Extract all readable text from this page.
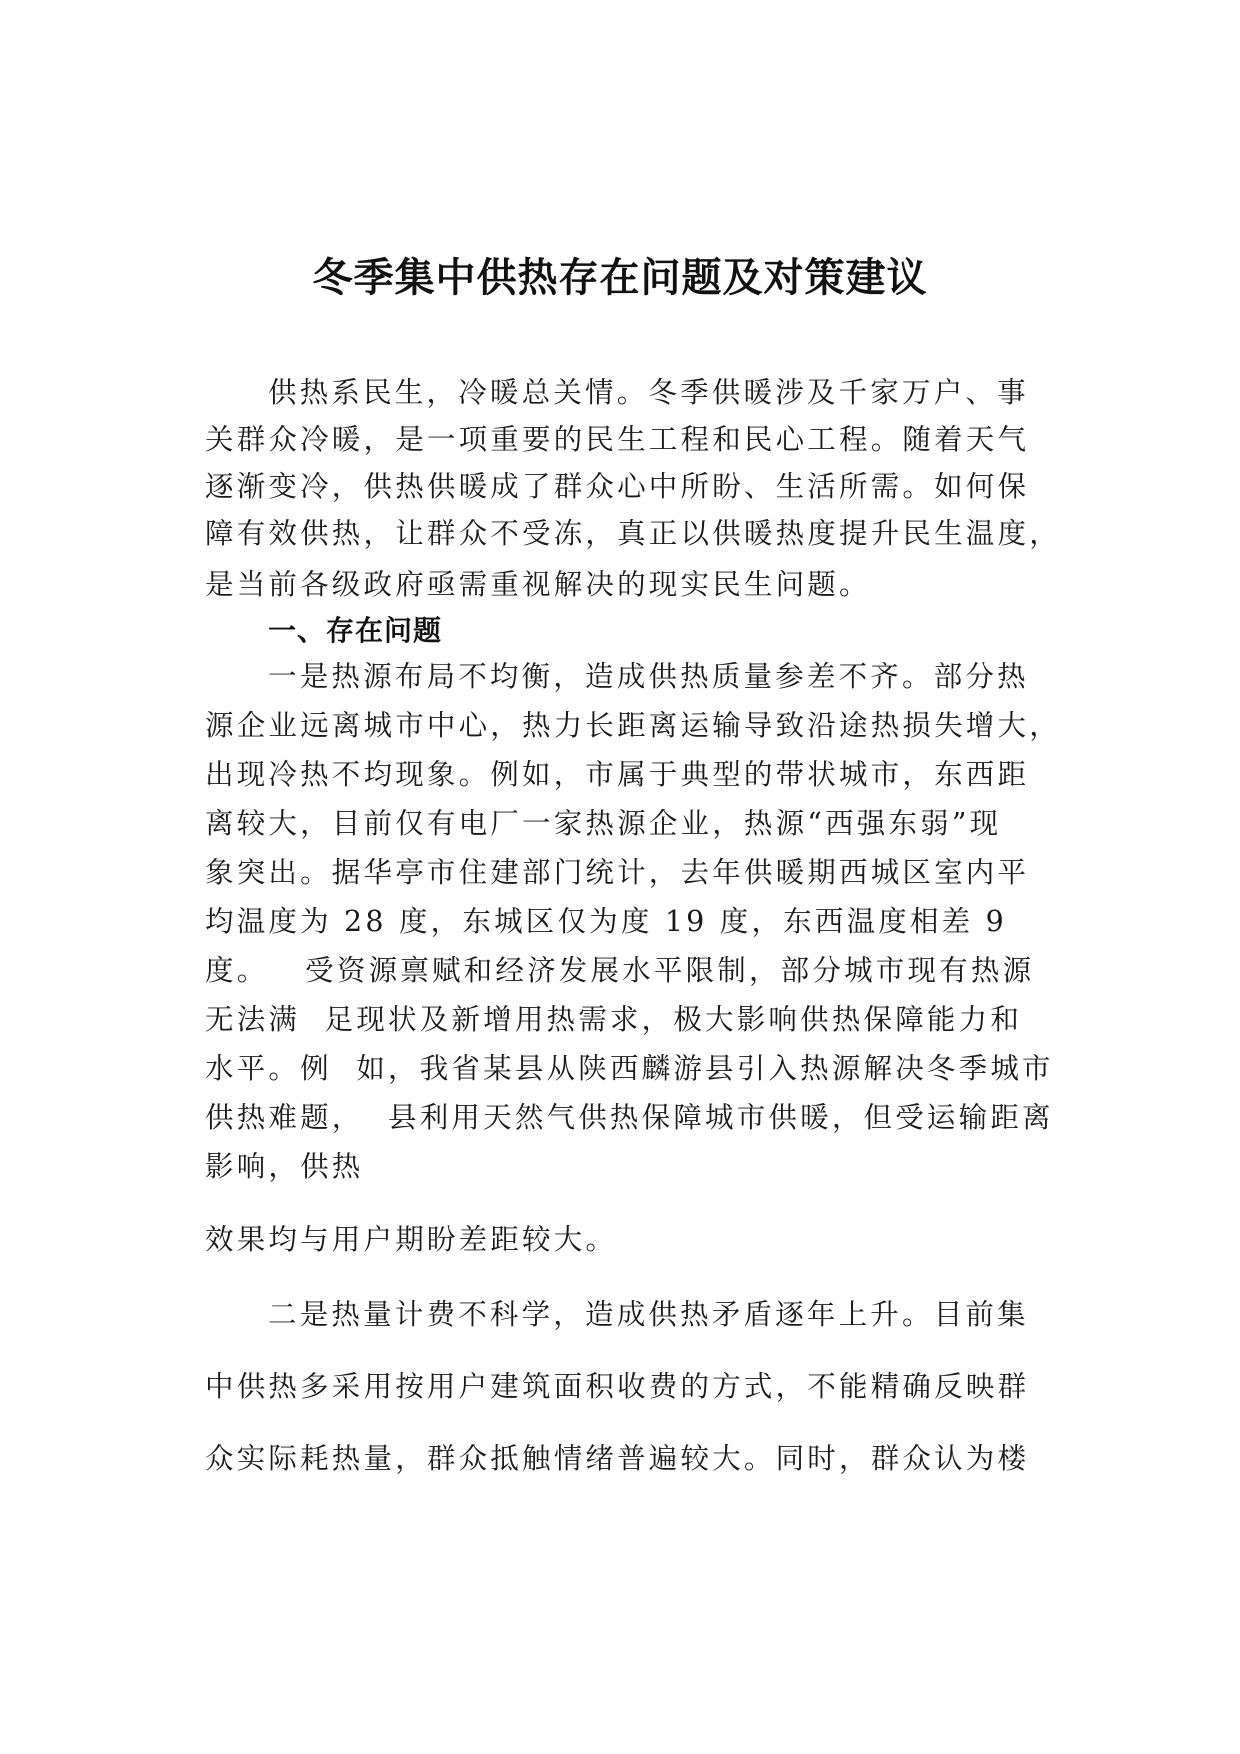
冬季集中供热存在问题及对策建议
供热系民生，冷暖总关情。冬季供暖涉及千家万户、事
关群众冷暖，是一项重要的民生工程和民心工程。随着天气
逐渐变冷，供热供暖成了群众心中所盼、生活所需。如何保
障有效供热，让群众不受冻，真正以供暖热度提升民生温度，
是当前各级政府亟需重视解决的现实民生问题。
一、存在问题
一是热源布局不均衡，造成供热质量参差不齐。部分热
源企业远离城市中心，热力长距离运输导致沿途热损失增大，
出现冷热不均现象。例如，市属于典型的带状城市，东西距
离较大，目前仅有电厂一家热源企业，热源“西强东弱”现
象突出。据华亭市住建部门统计，去年供暖期西城区室内平
均温度为 28 度，东城区仅为度 19 度，东西温度相差 9
度。   受资源禀赋和经济发展水平限制，部分城市现有热源
无法满  足现状及新增用热需求，极大影响供热保障能力和
水平。例  如，我省某县从陕西麟游县引入热源解决冬季城市
供热难题，  县利用天然气供热保障城市供暖，但受运输距离
影响，供热
效果均与用户期盼差距较大。
二是热量计费不科学，造成供热矛盾逐年上升。目前集
中供热多采用按用户建筑面积收费的方式，不能精确反映群
众实际耗热量，群众抵触情绪普遍较大。同时，群众认为楼
